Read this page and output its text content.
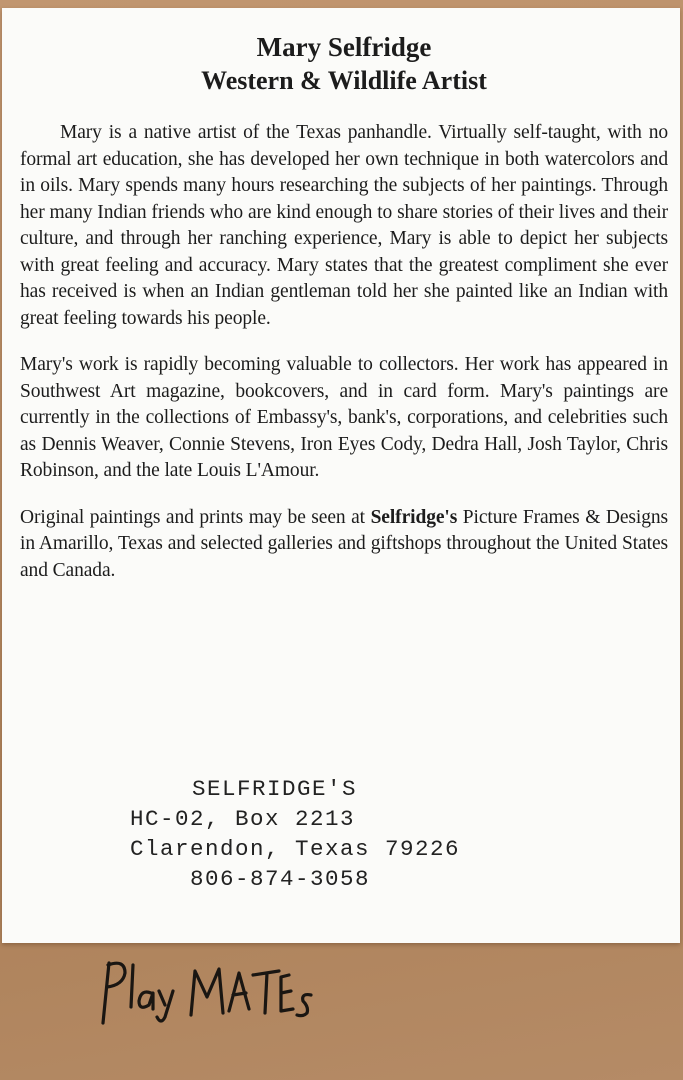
Mary Selfridge

Western & Wildlife Artist

Mary is a native artist of the Texas panhandle. Virtually self-taught, with no formal art education, she has developed her own technique in both watercolors and in oils. Mary spends many hours researching the subjects of her paintings. Through her many Indian friends who are kind enough to share stories of their lives and their culture, and through her ranching experience, Mary is able to depict her subjects with great feeling and accuracy. Mary states that the greatest compliment she ever has received is when an Indian gentleman told her she painted like an Indian with great feeling towards his people.

Mary's work is rapidly becoming valuable to collectors. Her work has appeared in Southwest Art magazine, bookcovers, and in card form. Mary's paintings are currently in the collections of Embassy's, bank's, corporations, and celebrities such as Dennis Weaver, Connie Stevens, Iron Eyes Cody, Dedra Hall, Josh Taylor, Chris Robinson, and the late Louis L'Amour.

Original paintings and prints may be seen at Selfridge's Picture Frames & Designs in Amarillo, Texas and selected galleries and giftshops throughout the United States and Canada.

SELFRIDGE'S
HC-02, Box 2213
Clarendon, Texas 79226
806-874-3058
Play Mates
